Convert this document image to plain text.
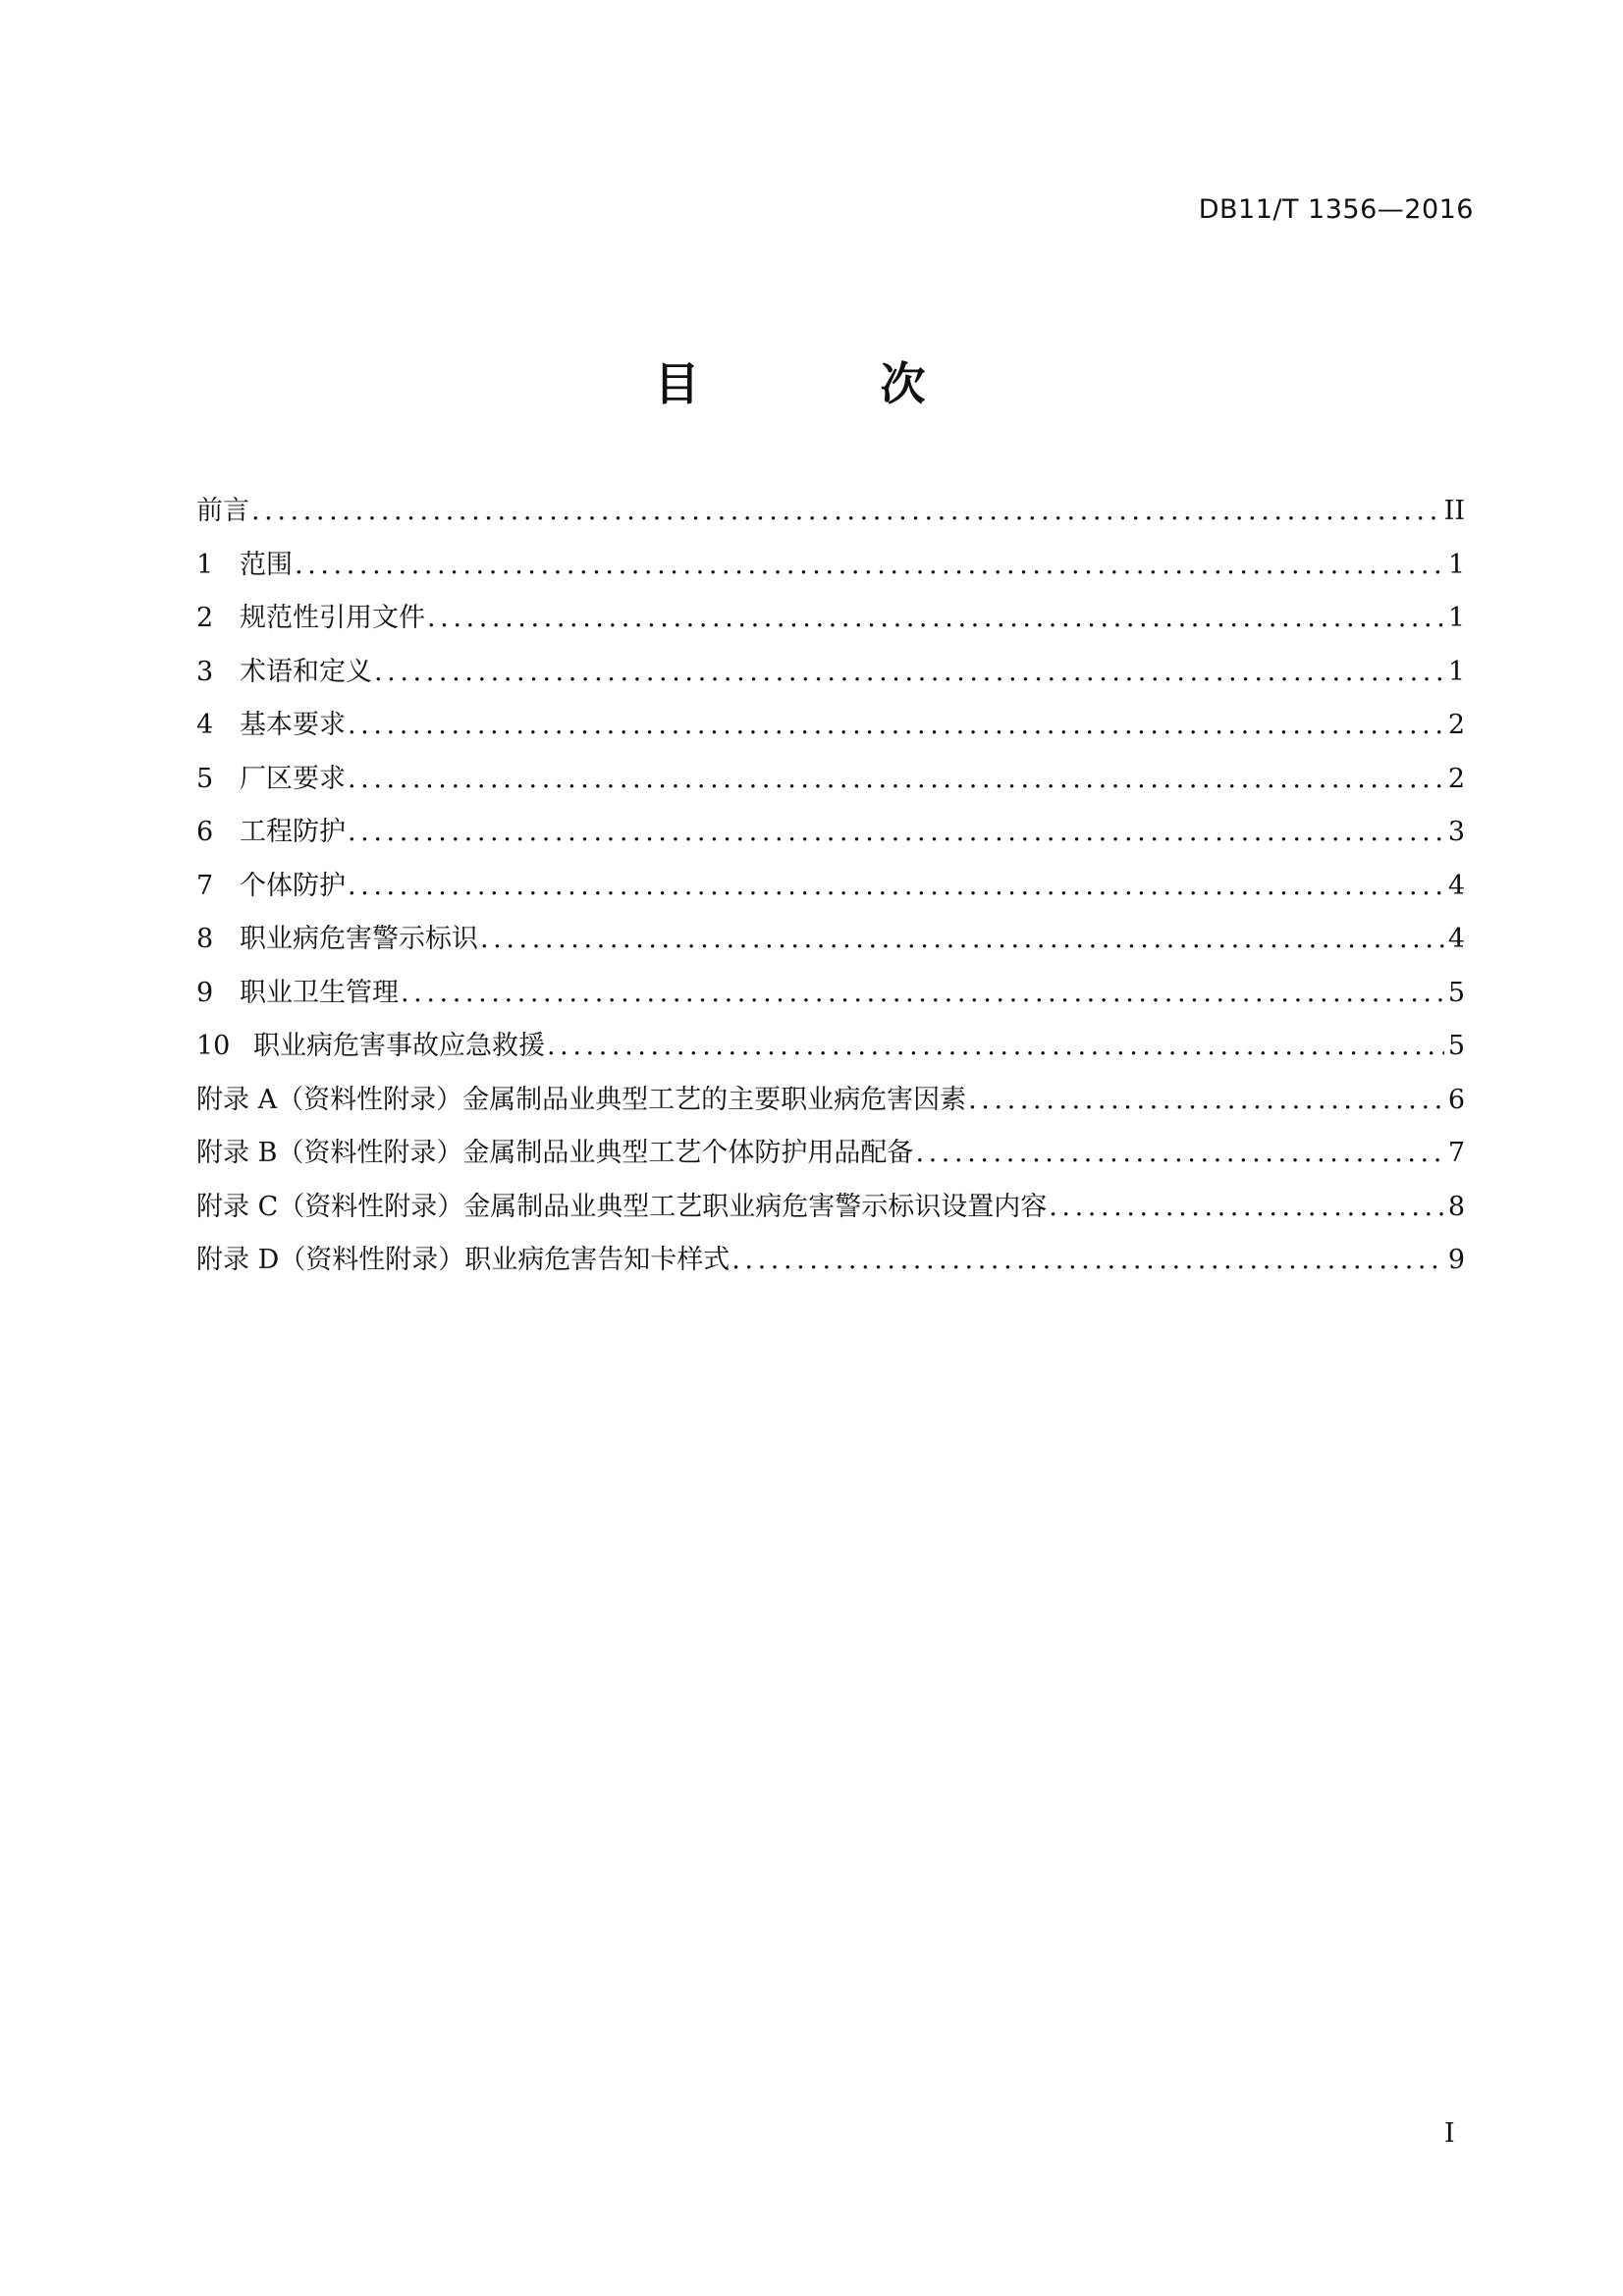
DB11/T 1356—2016
目 次
前言 .....	II
1 范围 .....	1
2 规范性引用文件 .....	1
3 术语和定义 .....	1
4 基本要求 .....	2
5 厂区要求 .....	2
6 工程防护 .....	3
7 个体防护 .....	4
8 职业病危害警示标识 .....	4
9 职业卫生管理 .....	5
10 职业病危害事故应急救援 .....	5
附录 A（资料性附录）金属制品业典型工艺的主要职业病危害因素 .....	6
附录 B（资料性附录）金属制品业典型工艺个体防护用品配备 .....	7
附录 C（资料性附录）金属制品业典型工艺职业病危害警示标识设置内容 .....	8
附录 D（资料性附录）职业病危害告知卡样式 .....	9
I
